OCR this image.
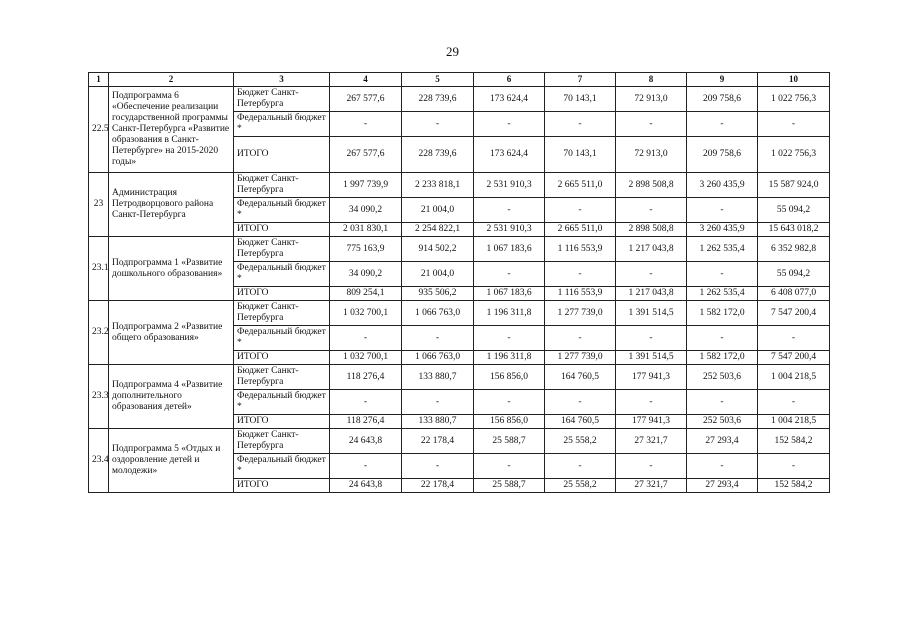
29
1	2	3	4	5	6	7	8	9	10
22.5	Подпрограмма 6 «Обеспечение реализации государственной программы Санкт-Петербурга «Развитие образования в Санкт-Петербурге» на 2015-2020 годы»	Бюджет Санкт-Петербурга	267 577,6	228 739,6	173 624,4	70 143,1	72 913,0	209 758,6	1 022 756,3
		Федеральный бюджет *	-	-	-	-	-	-	-
		ИТОГО	267 577,6	228 739,6	173 624,4	70 143,1	72 913,0	209 758,6	1 022 756,3
23	Администрация Петродворцового района Санкт-Петербурга	Бюджет Санкт-Петербурга	1 997 739,9	2 233 818,1	2 531 910,3	2 665 511,0	2 898 508,8	3 260 435,9	15 587 924,0
		Федеральный бюджет *	34 090,2	21 004,0	-	-	-	-	55 094,2
		ИТОГО	2 031 830,1	2 254 822,1	2 531 910,3	2 665 511,0	2 898 508,8	3 260 435,9	15 643 018,2
23.1	Подпрограмма 1 «Развитие дошкольного образования»	Бюджет Санкт-Петербурга	775 163,9	914 502,2	1 067 183,6	1 116 553,9	1 217 043,8	1 262 535,4	6 352 982,8
		Федеральный бюджет *	34 090,2	21 004,0	-	-	-	-	55 094,2
		ИТОГО	809 254,1	935 506,2	1 067 183,6	1 116 553,9	1 217 043,8	1 262 535,4	6 408 077,0
23.2	Подпрограмма 2 «Развитие общего образования»	Бюджет Санкт-Петербурга	1 032 700,1	1 066 763,0	1 196 311,8	1 277 739,0	1 391 514,5	1 582 172,0	7 547 200,4
		Федеральный бюджет *	-	-	-	-	-	-	-
		ИТОГО	1 032 700,1	1 066 763,0	1 196 311,8	1 277 739,0	1 391 514,5	1 582 172,0	7 547 200,4
23.3	Подпрограмма 4 «Развитие дополнительного образования детей»	Бюджет Санкт-Петербурга	118 276,4	133 880,7	156 856,0	164 760,5	177 941,3	252 503,6	1 004 218,5
		Федеральный бюджет *	-	-	-	-	-	-	-
		ИТОГО	118 276,4	133 880,7	156 856,0	164 760,5	177 941,3	252 503,6	1 004 218,5
23.4	Подпрограмма 5 «Отдых и оздоровление детей и молодежи»	Бюджет Санкт-Петербурга	24 643,8	22 178,4	25 588,7	25 558,2	27 321,7	27 293,4	152 584,2
		Федеральный бюджет *	-	-	-	-	-	-	-
		ИТОГО	24 643,8	22 178,4	25 588,7	25 558,2	27 321,7	27 293,4	152 584,2
